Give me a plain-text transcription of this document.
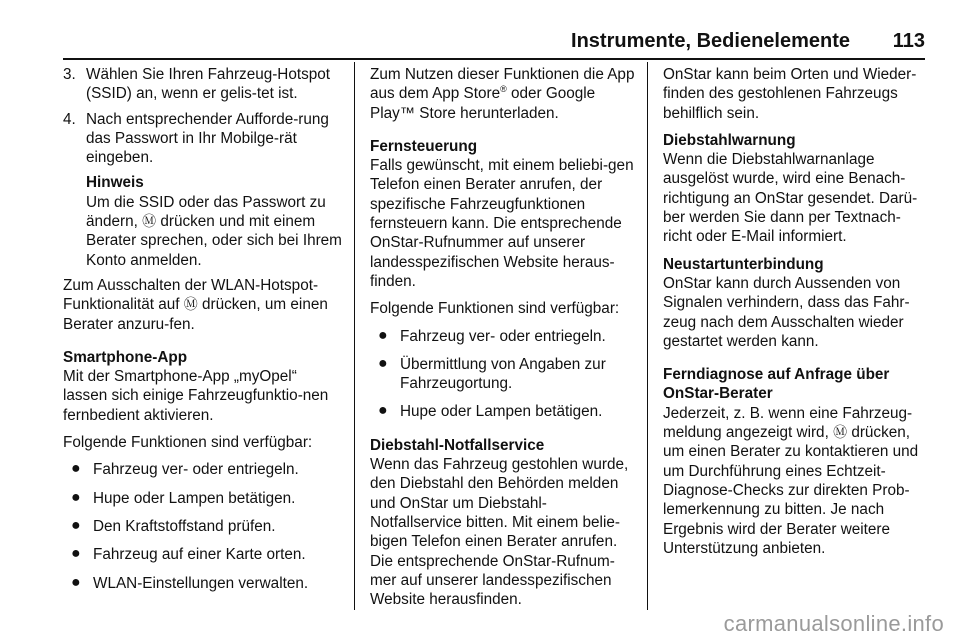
Instrumente, Bedienelemente 113
3. Wählen Sie Ihren Fahrzeug-Hotspot (SSID) an, wenn er gelis-tet ist.
4. Nach entsprechender Aufforde-rung das Passwort in Ihr Mobilge-rät eingeben.
Hinweis
Um die SSID oder das Passwort zu ändern, Ⓜ drücken und mit einem Berater sprechen, oder sich bei Ihrem Konto anmelden.

Zum Ausschalten der WLAN-Hotspot-Funktionalität auf Ⓜ drücken, um einen Berater anzuru-fen.

Smartphone-App

Mit der Smartphone-App „myOpel“ lassen sich einige Fahrzeugfunktio-nen fernbedient aktivieren.

Folgende Funktionen sind verfügbar:

● Fahrzeug ver- oder entriegeln.
● Hupe oder Lampen betätigen.
● Den Kraftstoffstand prüfen.
● Fahrzeug auf einer Karte orten.
● WLAN-Einstellungen verwalten.

Zum Nutzen dieser Funktionen die App aus dem App Store® oder Google Play™ Store herunterladen.

Fernsteuerung

Falls gewünscht, mit einem beliebi-gen Telefon einen Berater anrufen, der spezifische Fahrzeugfunktionen fernsteuern kann. Die entsprechende OnStar-Rufnummer auf unserer landesspezifischen Website heraus-finden.

Folgende Funktionen sind verfügbar:

● Fahrzeug ver- oder entriegeln.
● Übermittlung von Angaben zur Fahrzeugortung.
● Hupe oder Lampen betätigen.
Diebstahl-Notfallservice

Wenn das Fahrzeug gestohlen wurde, den Diebstahl den Behörden melden und OnStar um Diebstahl-Notfallservice bitten. Mit einem belie-bigen Telefon einen Berater anrufen. Die entsprechende OnStar-Rufnum-mer auf unserer landesspezifischen Website herausfinden.

OnStar kann beim Orten und Wieder-finden des gestohlenen Fahrzeugs behilflich sein.

Diebstahlwarnung

Wenn die Diebstahlwarnanlage ausgelöst wurde, wird eine Benach-richtigung an OnStar gesendet. Darü-ber werden Sie dann per Textnach-richt oder E-Mail informiert.

Neustartunterbindung

OnStar kann durch Aussenden von Signalen verhindern, dass das Fahr-zeug nach dem Ausschalten wieder gestartet werden kann.

Ferndiagnose auf Anfrage über OnStar-Berater

Jederzeit, z. B. wenn eine Fahrzeug-meldung angezeigt wird, Ⓜ drücken, um einen Berater zu kontaktieren und um Durchführung eines Echtzeit-Diagnose-Checks zur direkten Prob-lemerkennung zu bitten. Je nach Ergebnis wird der Berater weitere Unterstützung anbieten.

carmanualsonline.info
